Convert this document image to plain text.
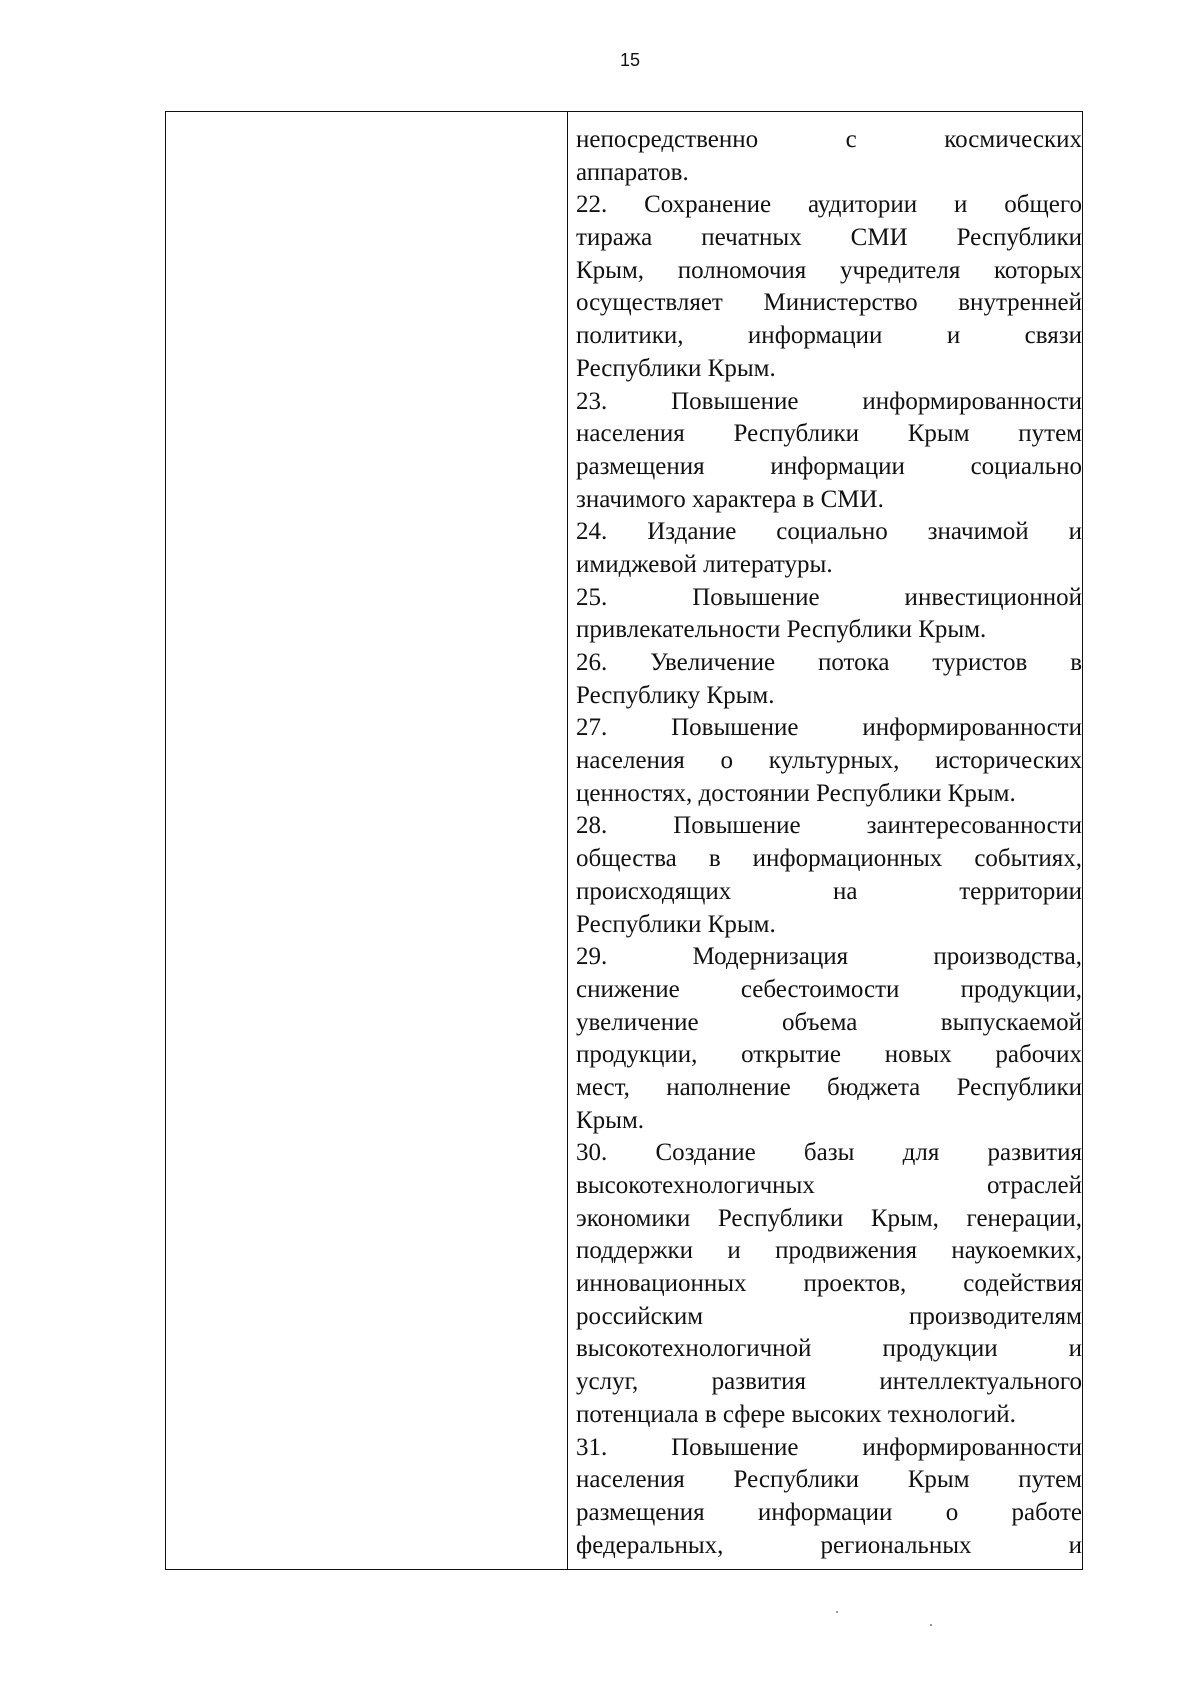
15
непосредственно с космических
аппаратов.
22. Сохранение аудитории и общего
тиража печатных СМИ Республики
Крым, полномочия учредителя которых
осуществляет Министерство внутренней
политики, информации и связи
Республики Крым.
23. Повышение информированности
населения Республики Крым путем
размещения информации социально
значимого характера в СМИ.
24. Издание социально значимой и
имиджевой литературы.
25. Повышение инвестиционной
привлекательности Республики Крым.
26. Увеличение потока туристов в
Республику Крым.
27. Повышение информированности
населения о культурных, исторических
ценностях, достоянии Республики Крым.
28. Повышение заинтересованности
общества в информационных событиях,
происходящих на территории
Республики Крым.
29. Модернизация производства,
снижение себестоимости продукции,
увеличение объема выпускаемой
продукции, открытие новых рабочих
мест, наполнение бюджета Республики
Крым.
30. Создание базы для развития
высокотехнологичных отраслей
экономики Республики Крым, генерации,
поддержки и продвижения наукоемких,
инновационных проектов, содействия
российским производителям
высокотехнологичной продукции и
услуг, развития интеллектуального
потенциала в сфере высоких технологий.
31. Повышение информированности
населения Республики Крым путем
размещения информации о работе
федеральных, региональных и
